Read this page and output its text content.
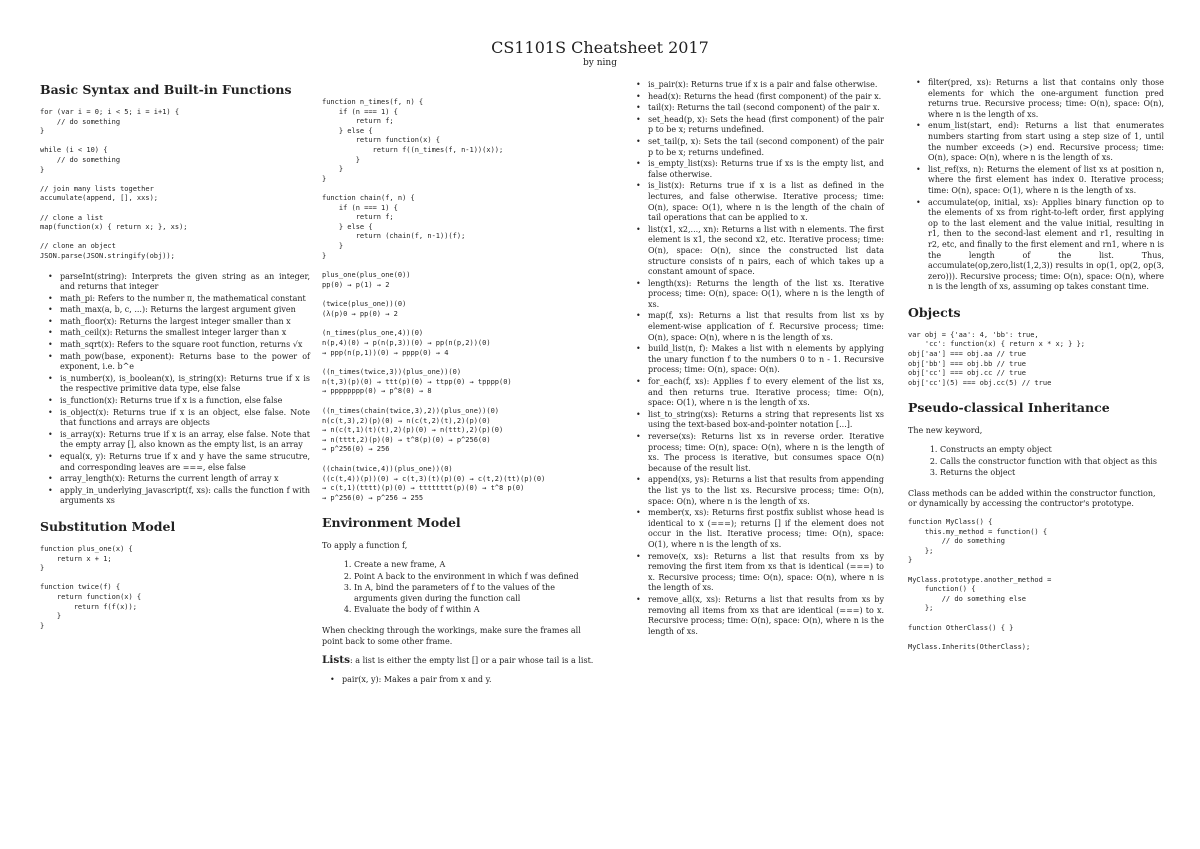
CS1101S Cheatsheet 2017
by ning
Basic Syntax and Built-in Functions
for (var i = 0; i < 5; i = i+1) {
// do something
}

while (i < 10) {
// do something
}

// join many lists together
accumulate(append, [], xxs);

// clone a list
map(function(x) { return x; }, xs);

// clone an object
JSON.parse(JSON.stringify(obj));
• parseInt(string): Interprets the given string as an integer, and returns that integer
• math_pi: Refers to the number π, the mathematical constant
• math_max(a, b, c, ...): Returns the largest argument given
• math_floor(x): Returns the largest integer smaller than x
• math_ceil(x): Returns the smallest integer larger than x
• math_sqrt(x): Refers to the square root function, returns √x
• math_pow(base, exponent): Returns base to the power of exponent, i.e. b^e
• is_number(x), is_boolean(x), is_string(x): Returns true if x is the respective primitive data type, else false
• is_function(x): Returns true if x is a function, else false
• is_object(x): Returns true if x is an object, else false. Note that functions and arrays are objects
• is_array(x): Returns true if x is an array, else false. Note that the empty array [], also known as the empty list, is an array
• equal(x, y): Returns true if x and y have the same strucutre, and corresponding leaves are ===, else false
• array_length(x): Returns the current length of array x
• apply_in_underlying_javascript(f, xs): calls the function f with arguments xs
Substitution Model
function plus_one(x) {
return x + 1;
}

function twice(f) {
return function(x) {
return f(f(x));
}
}
function n_times(f, n) {
if (n === 1) {
return f;
} else {
return function(x) {
return f((n_times(f, n-1))(x));
}
}
}

function chain(f, n) {
if (n === 1) {
return f;
} else {
return (chain(f, n-1))(f);
}
}
plus_one(plus_one(0))
pp(0) → p(1) → 2
(twice(plus_one))(0)
(λ(p)0 → pp(0) → 2
(n_times(plus_one,4))(0)
n(p,4)(0) → p(n(p,3))(0) → pp(n(p,2))(0)
→ ppp(n(p,1))(0) → pppp(0) → 4
((n_times(twice,3))(plus_one))(0)
n(t,3)(p)(0) → ttt(p)(0) → ttpp(0) → tpppp(0)
→ pppppppp(0) → p^8(0) → 8
((n_times(chain(twice,3),2))(plus_one))(0)
n(c(t,3),2)(p)(0) → n(c(t,2)(t),2)(p)(0)
→ n(c(t,1)(t)(t),2)(p)(0) → n(ttt),2)(p)(0)
→ n(tttt,2)(p)(0) → t^8(p)(0) → p^256(0)
→ p^256(0) → 256
((chain(twice,4))(plus_one))(0)
((c(t,4))(p))(0) → c(t,3)(t)(p)(0) → c(t,2)(tt)(p)(0)
→ c(t,1)(tttt)(p)(0) → tttttttt(p)(0) → t^8 p(0)
→ p^256(0) → p^256 → 255
Environment Model

To apply a function f,

1. Create a new frame, A
2. Point A back to the environment in which f was defined
3. In A, bind the parameters of f to the values of the arguments given during the function call
4. Evaluate the body of f within A

When checking through the workings, make sure the frames all point back to some other frame.

Lists: a list is either the empty list [] or a pair whose tail is a list.

• pair(x, y): Makes a pair from x and y.
• is_pair(x): Returns true if x is a pair and false otherwise.
• head(x): Returns the head (first component) of the pair x.
• tail(x): Returns the tail (second component) of the pair x.
• set_head(p, x): Sets the head (first component) of the pair p to be x; returns undefined.
• set_tail(p, x): Sets the tail (second component) of the pair p to be x; returns undefined.
• is_empty_list(xs): Returns true if xs is the empty list, and false otherwise.
• is_list(x): Returns true if x is a list as defined in the lectures, and false otherwise. Iterative process; time: O(n), space: O(1), where n is the length of the chain of tail operations that can be applied to x.
• list(x1, x2,..., xn): Returns a list with n elements. The first element is x1, the second x2, etc. Iterative process; time: O(n), space: O(n), since the constructed list data structure consists of n pairs, each of which takes up a constant amount of space.
• length(xs): Returns the length of the list xs. Iterative process; time: O(n), space: O(1), where n is the length of xs.
• map(f, xs): Returns a list that results from list xs by element-wise application of f. Recursive process; time: O(n), space: O(n), where n is the length of xs.
• build_list(n, f): Makes a list with n elements by applying the unary function f to the numbers 0 to n - 1. Recursive process; time: O(n), space: O(n).
• for_each(f, xs): Applies f to every element of the list xs, and then returns true. Iterative process; time: O(n), space: O(1), where n is the length of xs.
• list_to_string(xs): Returns a string that represents list xs using the text-based box-and-pointer notation [...].
• reverse(xs): Returns list xs in reverse order. Iterative process; time: O(n), space: O(n), where n is the length of xs. The process is iterative, but consumes space O(n) because of the result list.
• append(xs, ys): Returns a list that results from appending the list ys to the list xs. Recursive process; time: O(n), space: O(n), where n is the length of xs.
• member(x, xs): Returns first postfix sublist whose head is identical to x (===); returns [] if the element does not occur in the list. Iterative process; time: O(n), space: O(1), where n is the length of xs.
• remove(x, xs): Returns a list that results from xs by removing the first item from xs that is identical (===) to x. Recursive process; time: O(n), space: O(n), where n is the length of xs.
• remove_all(x, xs): Returns a list that results from xs by removing all items from xs that are identical (===) to x. Recursive process; time: O(n), space: O(n), where n is the length of xs.
• filter(pred, xs): Returns a list that contains only those elements for which the one-argument function pred returns true. Recursive process; time: O(n), space: O(n), where n is the length of xs.
• enum_list(start, end): Returns a list that enumerates numbers starting from start using a step size of 1, until the number exceeds (>) end. Recursive process; time: O(n), space: O(n), where n is the length of xs.
• list_ref(xs, n): Returns the element of list xs at position n, where the first element has index 0. Iterative process; time: O(n), space: O(1), where n is the length of xs.
• accumulate(op, initial, xs): Applies binary function op to the elements of xs from right-to-left order, first applying op to the last element and the value initial, resulting in r1, then to the second-last element and r1, resulting in r2, etc, and finally to the first element and rn1, where n is the length of the list. Thus, accumulate(op,zero,list(1,2,3)) results in op(1, op(2, op(3, zero))). Recursive process; time: O(n), space: O(n), where n is the length of xs, assuming op takes constant time.
Objects
var obj = {'aa': 4, 'bb': true,
'cc': function(x) { return x * x; } };
obj['aa'] === obj.aa // true
obj['bb'] === obj.bb // true
obj['cc'] === obj.cc // true
obj['cc'](5) === obj.cc(5) // true
Pseudo-classical Inheritance

The new keyword,

1. Constructs an empty object
2. Calls the constructor function with that object as this
3. Returns the object

Class methods can be added within the constructor function, or dynamically by accessing the contructor's prototype.

function MyClass() {
this.my_method = function() {
// do something
};
}

MyClass.prototype.another_method =
function() {
// do something else
};

function OtherClass() { }

MyClass.Inherits(OtherClass);
